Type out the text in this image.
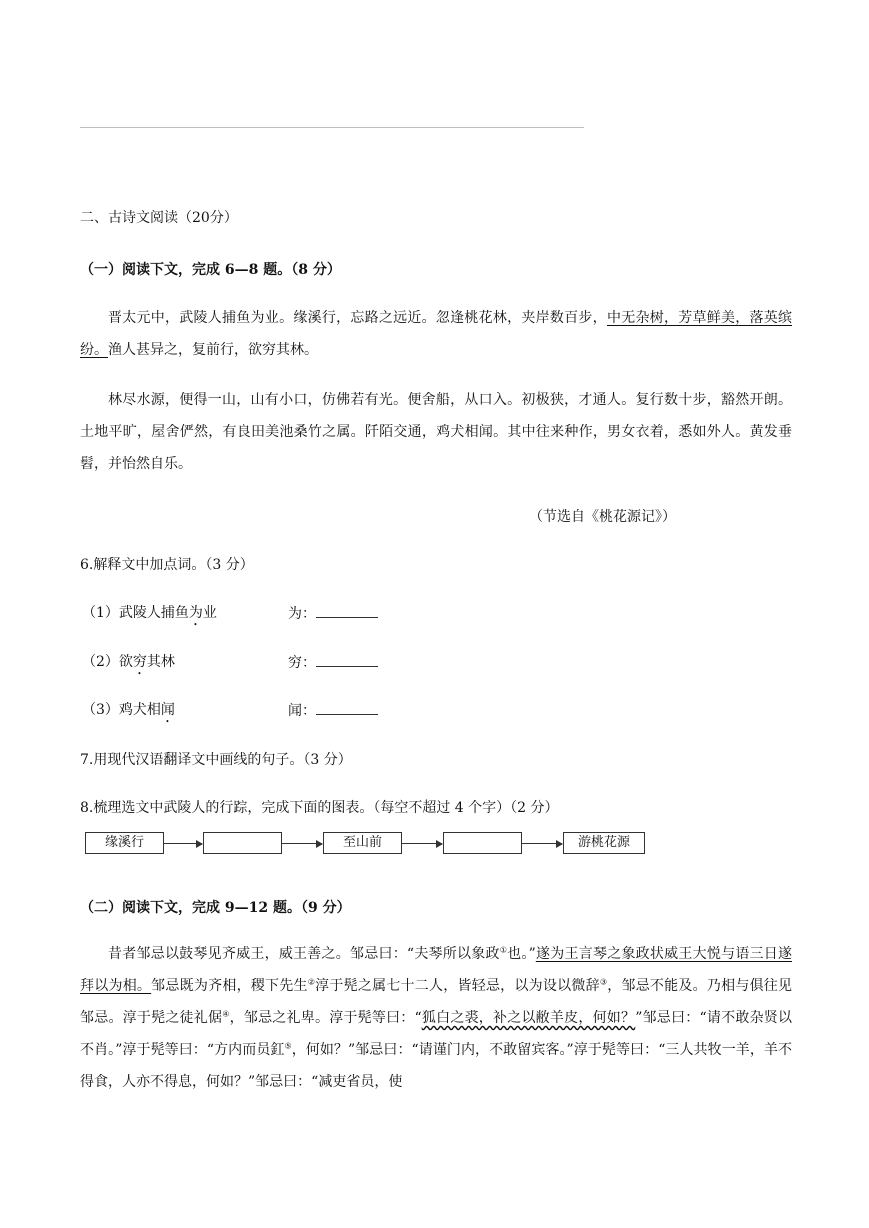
二、古诗文阅读（20分）
（一）阅读下文，完成 6—8 题。（8 分）
晋太元中，武陵人捕鱼为业。缘溪行，忘路之远近。忽逢桃花林，夹岸数百步，中无杂树，芳草鲜美，落英缤纷。渔人甚异之，复前行，欲穷其林。
林尽水源，便得一山，山有小口，仿佛若有光。便舍船，从口入。初极狭，才通人。复行数十步，豁然开朗。土地平旷，屋舍俨然，有良田美池桑竹之属。阡陌交通，鸡犬相闻。其中往来种作，男女衣着，悉如外人。黄发垂髫，并怡然自乐。
（节选自《桃花源记》）
6.解释文中加点词。（3 分）
（1）武陵人捕鱼为业	为：
（2）欲穷其林	穷：
（3）鸡犬相闻	闻：
7.用现代汉语翻译文中画线的句子。（3 分）
8.梳理选文中武陵人的行踪，完成下面的图表。（每空不超过 4 个字）（2 分）
缘溪行	至山前	游桃花源
（二）阅读下文，完成 9—12 题。（9 分）
昔者邹忌以鼓琴见齐威王，威王善之。邹忌曰：“夫琴所以象政①也。”遂为王言琴之象政状威王大悦与语三日遂拜以为相。邹忌既为齐相，稷下先生②淳于髡之属七十二人，皆轻忌，以为设以微辞③，邹忌不能及。乃相与俱往见邹忌。淳于髡之徒礼倨④，邹忌之礼卑。淳于髡等曰：“狐白之裘，补之以敝羊皮，何如？”邹忌曰：“请不敢杂贤以不肖。”淳于髡等曰：“方内而员釭⑤，何如？”邹忌曰：“请谨门内，不敢留宾客。”淳于髡等曰：“三人共牧一羊，羊不得食，人亦不得息，何如？”邹忌曰：“减吏省员，使
